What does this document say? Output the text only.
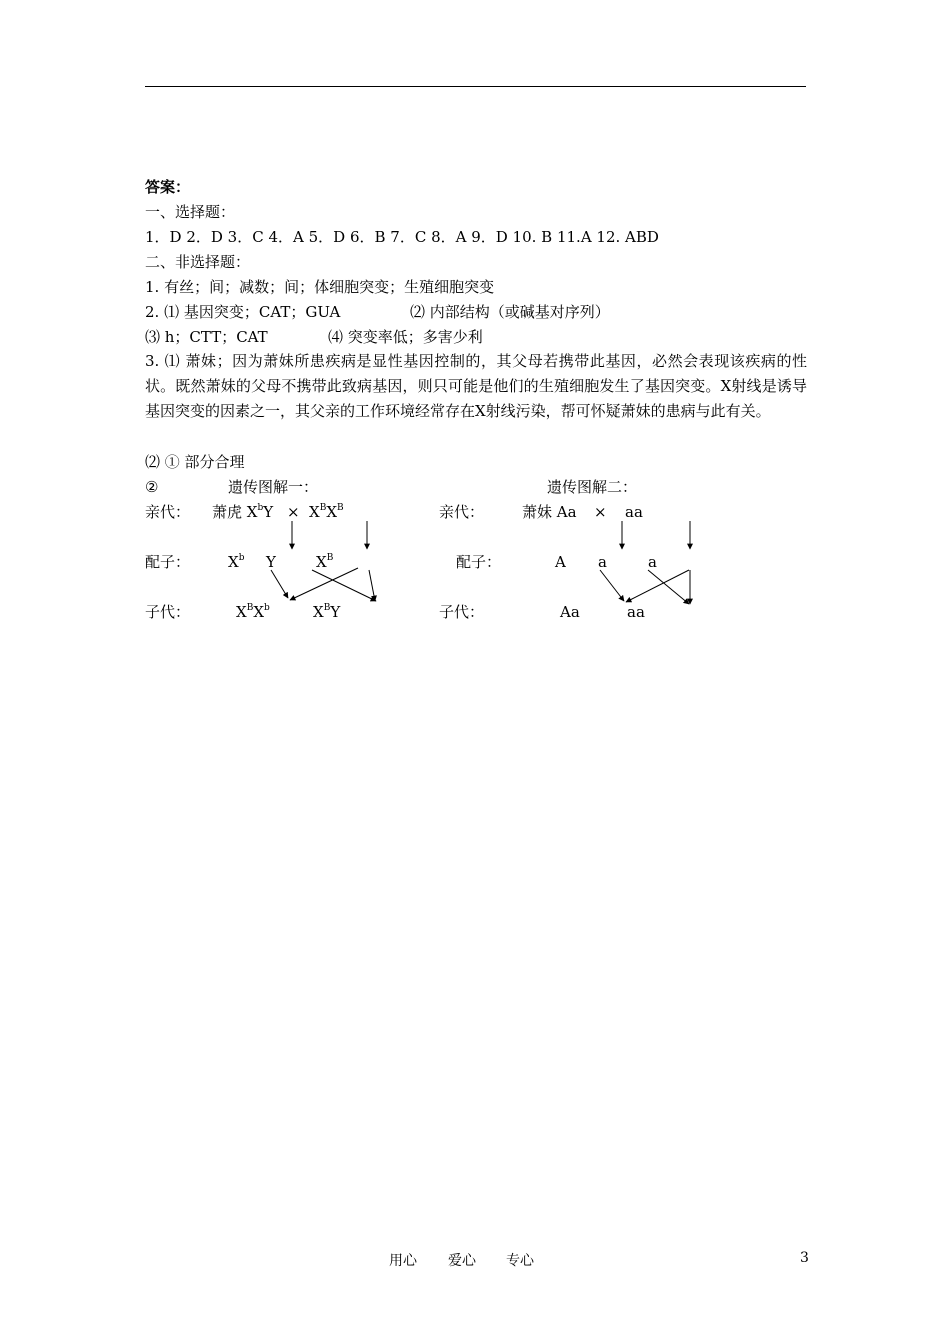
答案：
一、选择题：
1．D 2．D 3．C 4．A 5．D 6．B 7．C 8．A 9．D 10. B 11.A 12. ABD
二、非选择题：
1. 有丝；间；减数；间；体细胞突变；生殖细胞突变
2. ⑴ 基因突变；CAT；GUA	⑵ 内部结构（或碱基对序列）
⑶ h；CTT；CAT	⑷ 突变率低；多害少利
3. ⑴ 萧妹；因为萧妹所患疾病是显性基因控制的，其父母若携带此基因，必然会表现该疾病的性状。既然萧妹的父母不携带此致病基因，则只可能是他们的生殖细胞发生了基因突变。X射线是诱导基因突变的因素之一，其父亲的工作环境经常存在X射线污染，帮可怀疑萧妹的患病与此有关。
⑵ ① 部分合理
②	遗传图解一：
亲代： 萧虎 $X^bY \times X^BX^B$
配子：	$X^b$ Y	$X^B$
子代：	$X^BX^b$	$X^BY$
遗传图解二：
亲代：	萧妹 Aa × aa
配子：	A a	a
子代：	Aa	aa
用心 爱心 专心	3
